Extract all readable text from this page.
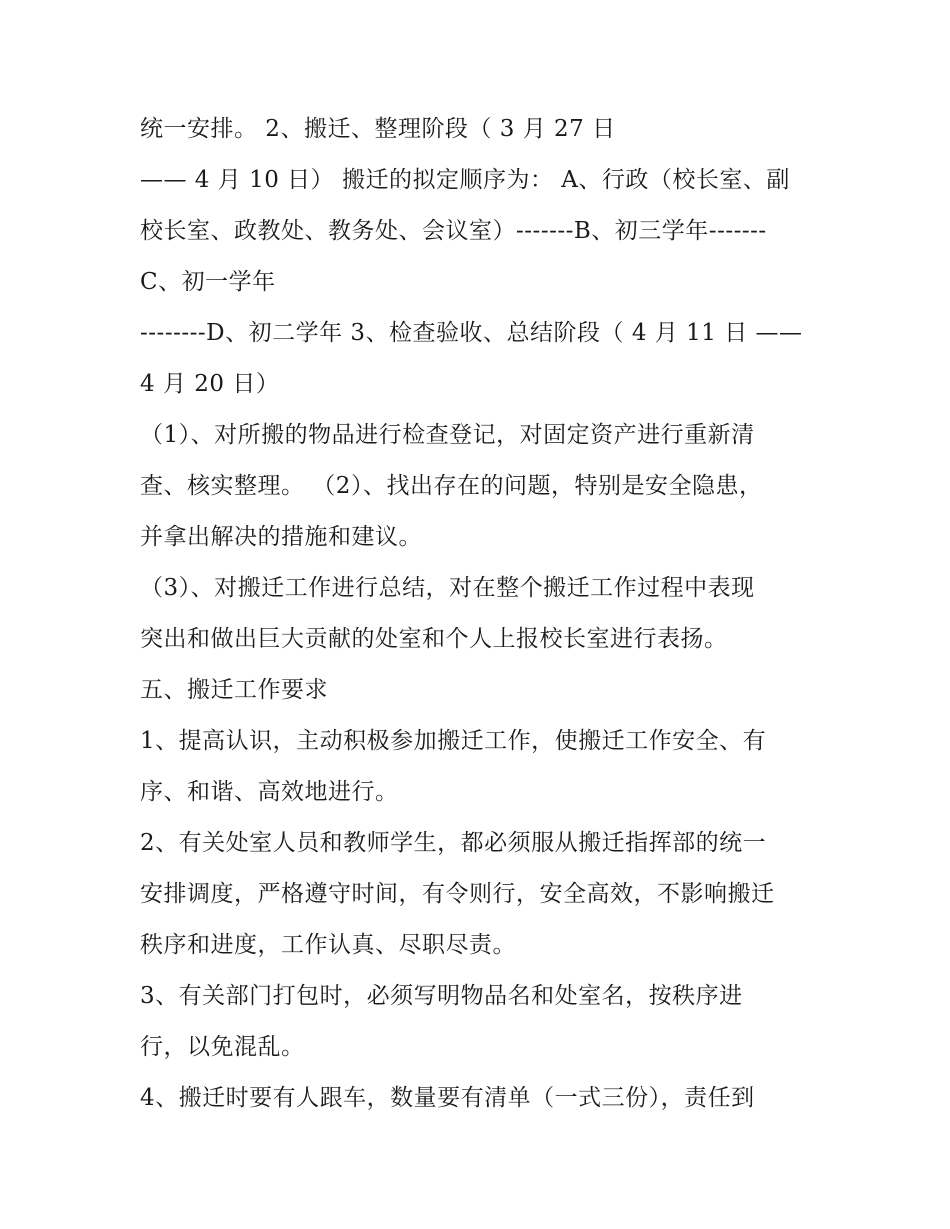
统一安排。 2、搬迁、整理阶段（ 3 月 27 日
—— 4 月 10 日） 搬迁的拟定顺序为： A、行政（校长室、副
校长室、政教处、教务处、会议室）-------B、初三学年-------
C、初一学年
--------D、初二学年 3、检查验收、总结阶段（ 4 月 11 日 ——
4 月 20 日）
（1）、对所搬的物品进行检查登记，对固定资产进行重新清
查、核实整理。 （2）、找出存在的问题，特别是安全隐患，
并拿出解决的措施和建议。
（3）、对搬迁工作进行总结，对在整个搬迁工作过程中表现
突出和做出巨大贡献的处室和个人上报校长室进行表扬。
五、搬迁工作要求
1、提高认识，主动积极参加搬迁工作，使搬迁工作安全、有
序、和谐、高效地进行。
2、有关处室人员和教师学生，都必须服从搬迁指挥部的统一
安排调度，严格遵守时间，有令则行，安全高效，不影响搬迁
秩序和进度，工作认真、尽职尽责。
3、有关部门打包时，必须写明物品名和处室名，按秩序进
行，以免混乱。
4、搬迁时要有人跟车，数量要有清单（一式三份），责任到
